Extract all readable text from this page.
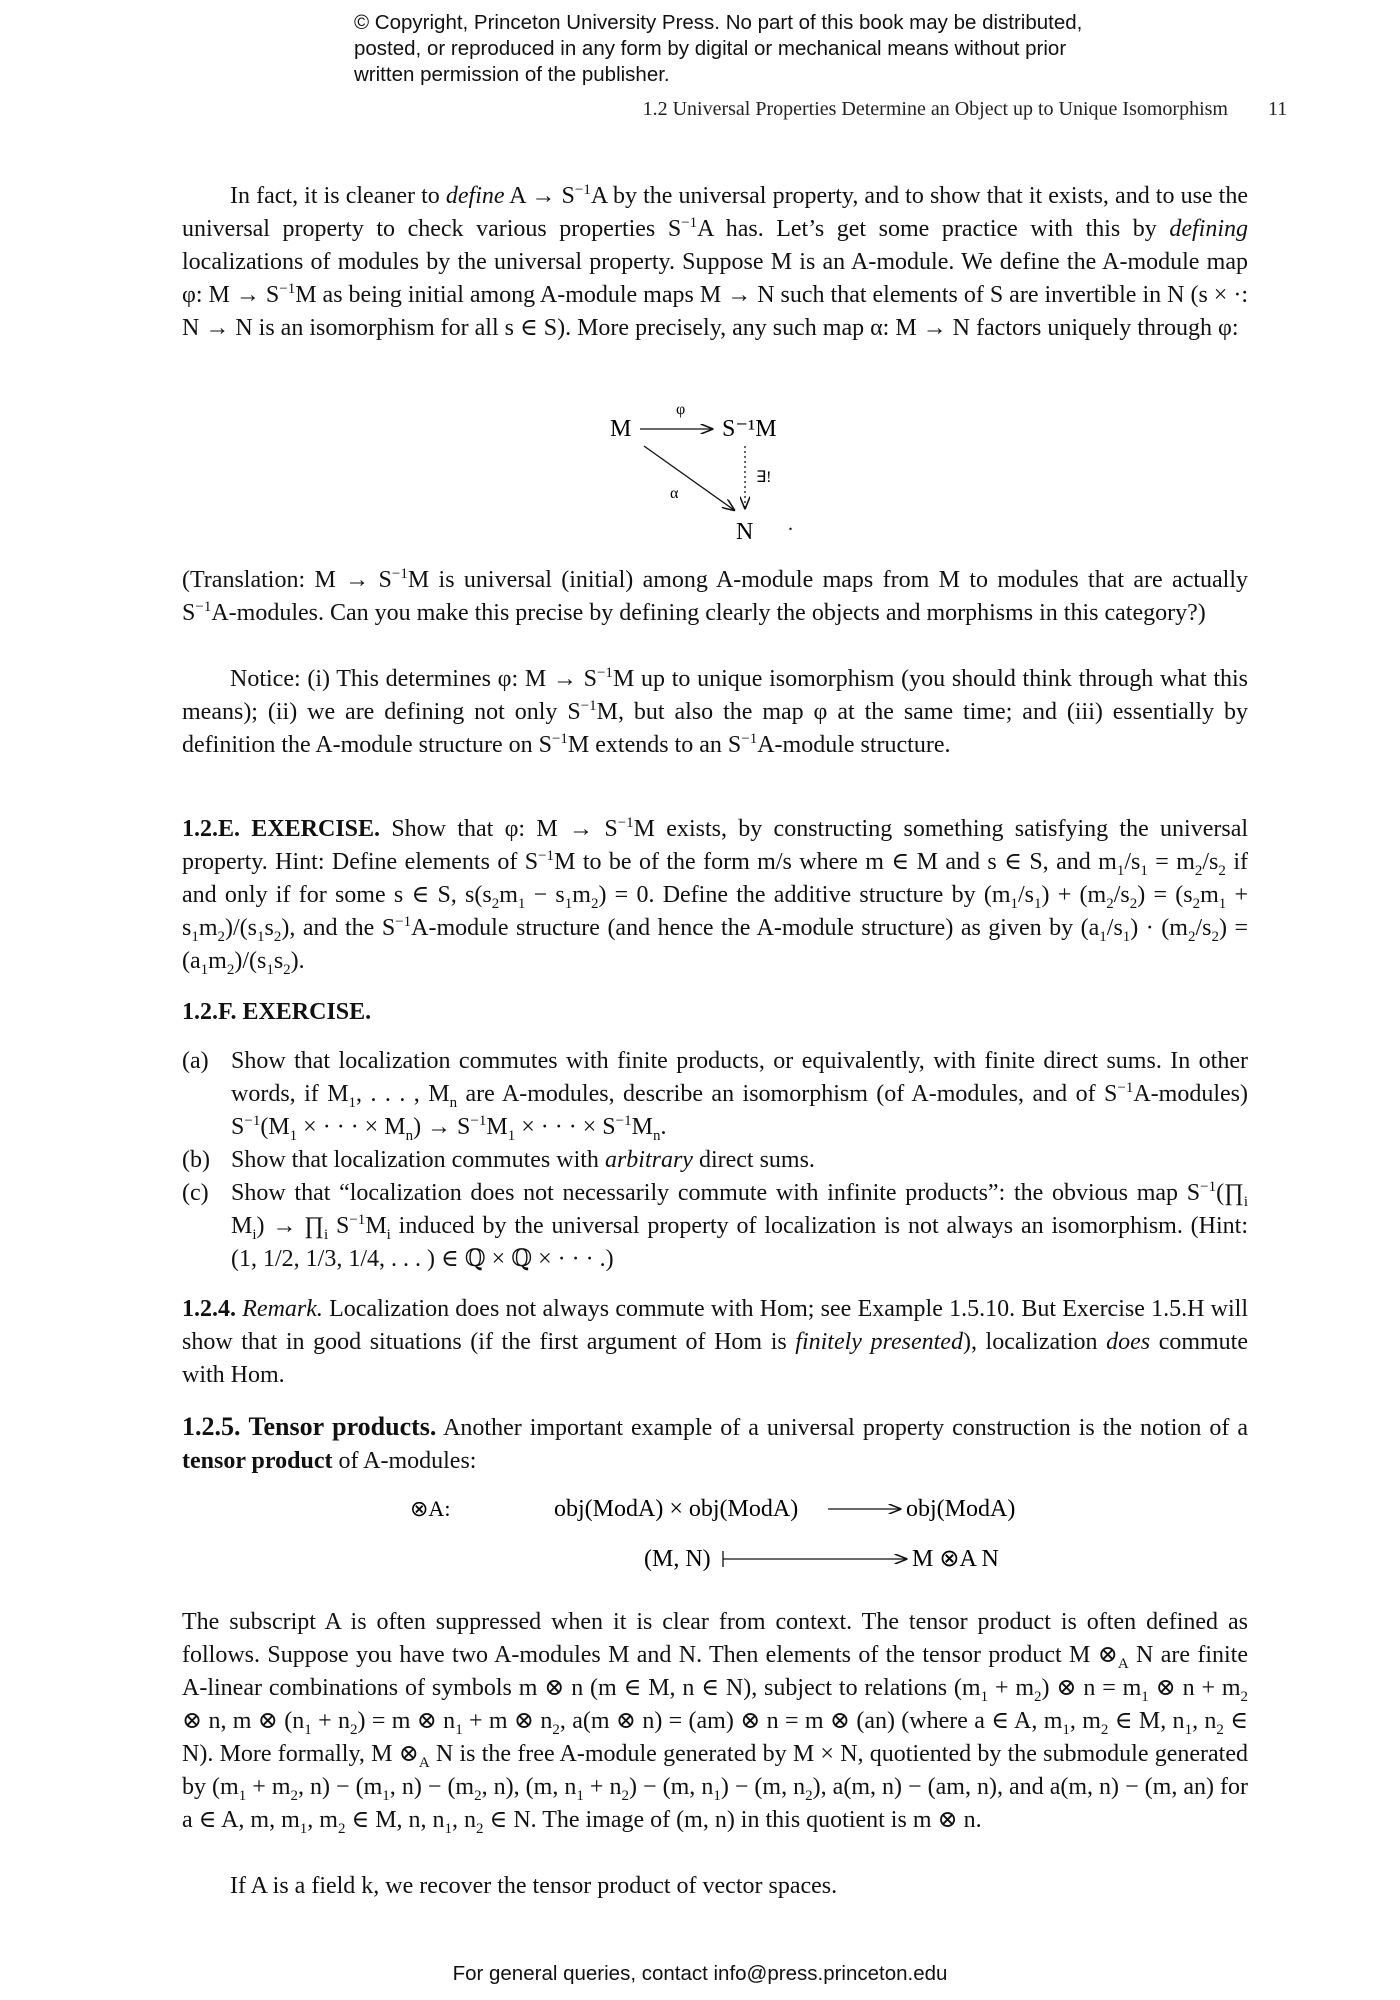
© Copyright, Princeton University Press. No part of this book may be distributed, posted, or reproduced in any form by digital or mechanical means without prior written permission of the publisher.
1.2 Universal Properties Determine an Object up to Unique Isomorphism	11

In fact, it is cleaner to define $A \to S^{-1}A$ by the universal property, and to show that it exists, and to use the universal property to check various properties $S^{-1}A$ has. Let’s get some practice with this by defining localizations of modules by the universal property. Suppose M is an A-module. We define the A-module map φ: $M \to S^{-1}M$ as being initial among A-module maps M → N such that elements of S are invertible in N (s × ·: N → N is an isomorphism for all s ∈ S). More precisely, any such map α: M → N factors uniquely through φ:

M
φ
S⁻¹M
α
∃!
N .

(Translation: $M \to S^{-1}M$ is universal (initial) among A-module maps from M to modules that are actually $S^{-1}A$-modules. Can you make this precise by defining clearly the objects and morphisms in this category?)

Notice: (i) This determines φ: $M \to S^{-1}M$ up to unique isomorphism (you should think through what this means); (ii) we are defining not only $S^{-1}M$, but also the map φ at the same time; and (iii) essentially by definition the A-module structure on $S^{-1}M$ extends to an $S^{-1}A$-module structure.

1.2.E. EXERCISE. Show that φ: $M \to S^{-1}M$ exists, by constructing something satisfying the universal property. Hint: Define elements of $S^{-1}M$ to be of the form m/s where m ∈ M and s ∈ S, and $m_1/s_1 = m_2/s_2$ if and only if for some s ∈ S, $s(s_2m_1 - s_1m_2) = 0$. Define the additive structure by $(m_1/s_1) + (m_2/s_2) = (s_2m_1 + s_1m_2)/(s_1s_2)$, and the $S^{-1}A$-module structure (and hence the A-module structure) as given by $(a_1/s_1) \cdot (m_2/s_2) = (a_1m_2)/(s_1s_2)$.

1.2.F. EXERCISE.

(a) Show that localization commutes with finite products, or equivalently, with finite direct sums. In other words, if $M_1$, . . . , $M_n$ are A-modules, describe an isomorphism (of A-modules, and of $S^{-1}A-modules$) $S^{-1}(M_1$ × · · · × $M_n) \to S^{-1}M_1$ × · · · × $S^{-1}M_n$.
(b) Show that localization commutes with arbitrary direct sums.
(c) Show that “localization does not necessarily commute with infinite products”: the obvious map $S^{-1}(\prod_i$ $M_i$) → $\prod_i$ $S^{-1}M_i$ induced by the universal property of localization is not always an isomorphism. (Hint: (1, 1/2, 1/3, 1/4, . . . ) ∈ ℚ × ℚ × · · · .)

1.2.4. Remark. Localization does not always commute with Hom; see Example 1.5.10. But Exercise 1.5.H will show that in good situations (if the first argument of Hom is finitely presented), localization does commute with Hom.

1.2.5. Tensor products. Another important example of a universal property construction is the notion of a tensor product of A-modules:

⊗A:	obj(ModA) × obj(ModA)	obj(ModA)
(M, N)	M ⊗A N

The subscript A is often suppressed when it is clear from context. The tensor product is often defined as follows. Suppose you have two A-modules M and N. Then elements of the tensor product M $\otimes_A$ N are finite A-linear combinations of symbols m ⊗ n (m ∈ M, n ∈ N), subject to relations $(m_1 + m_2)$ ⊗ $n = m_1$ ⊗ $n + m_2$ ⊗ n, m ⊗ $(n_1 + n_2) = m$ ⊗ $n_1 + m$ ⊗ $n_2$, a(m ⊗ n) = (am) ⊗ n = m ⊗ (an) (where a ∈ A, $m_1$, $m_2$ ∈ M, $n_1$, $n_2$ ∈ N). More formally, M $\otimes_A$ N is the free A-module generated by M × N, quotiented by the submodule generated by ($m_1 + m_2$, $n) - (m_1$, $n) - (m_2$, n), (m, $n_1 + n_2) - (m$, $n_1) - (m$, $n_2$), a(m, n) − (am, n), and a(m, n) − (m, an) for a ∈ A, m, $m_1$, $m_2$ ∈ M, n, $n_1$, $n_2$ ∈ N. The image of (m, n) in this quotient is m ⊗ n.

If A is a field k, we recover the tensor product of vector spaces.

For general queries, contact info@press.princeton.edu
